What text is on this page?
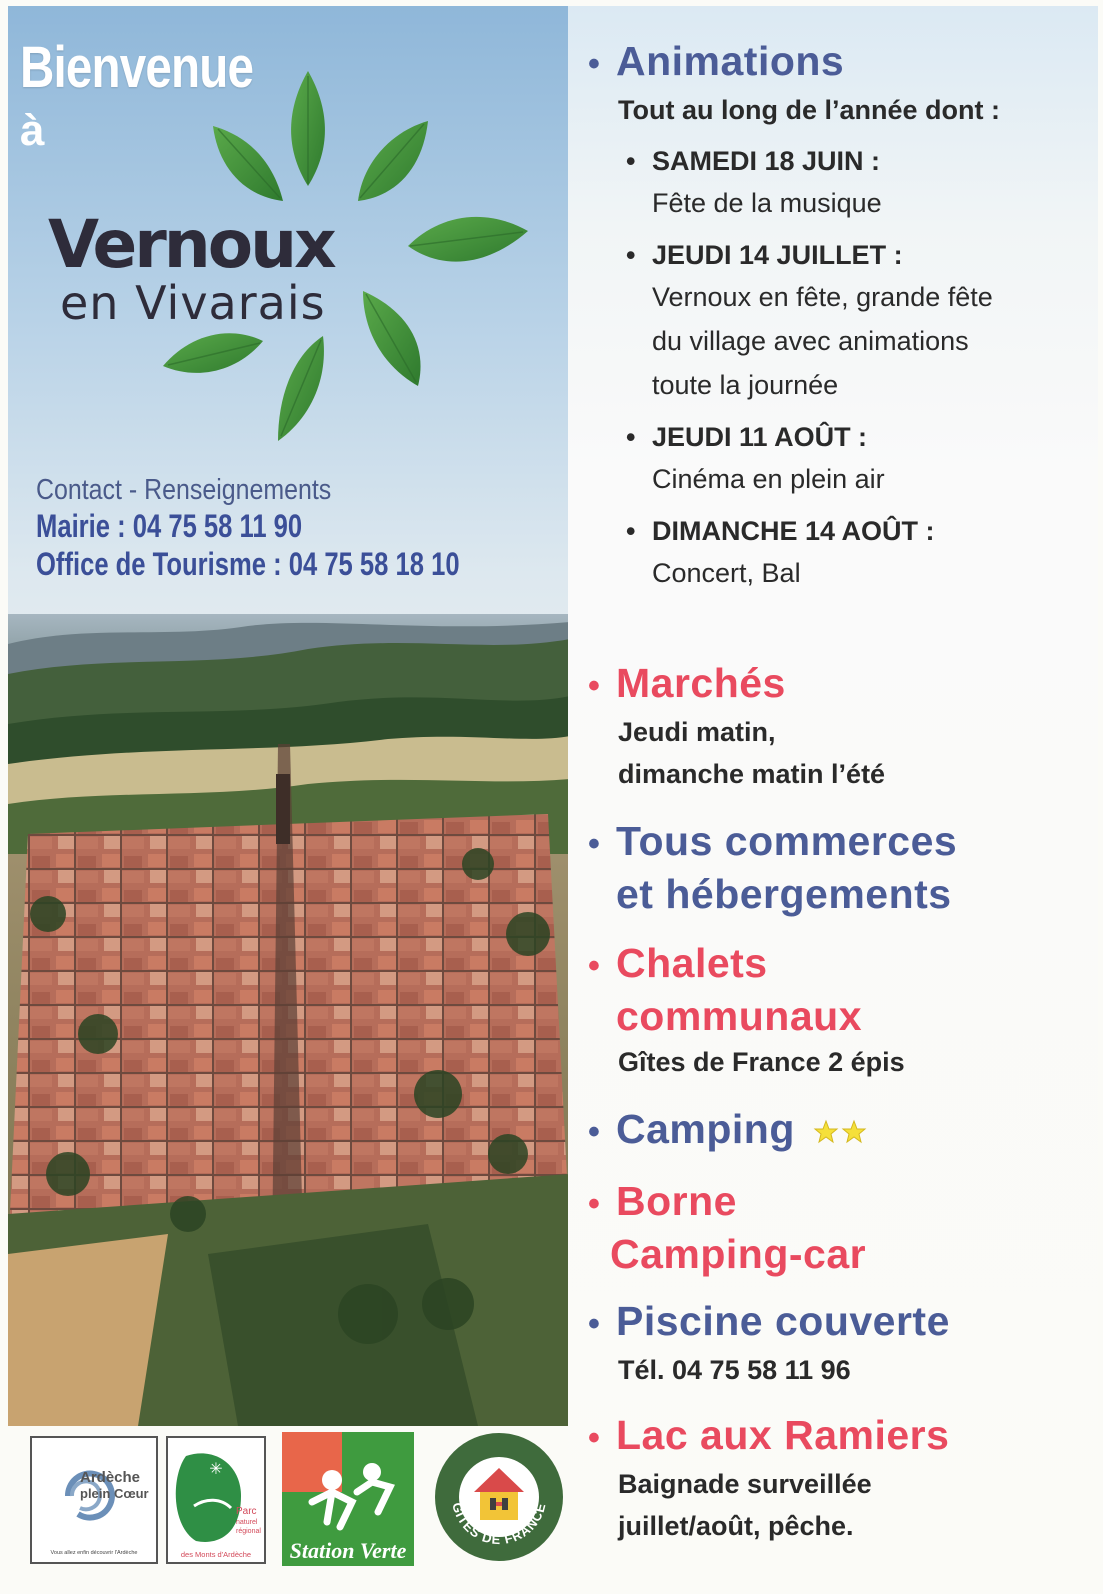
Bienvenue
à
Vernoux
en Vivarais
Contact - Renseignements
Mairie : 04 75 58 11 90
Office de Tourisme : 04 75 58 18 10
Ardèche
plein Cœur
Vous allez enfin découvrir l'Ardèche
✳
Parc
naturel
régional
des Monts d'Ardèche Station Verte
GÎTES DE FRANCE
• Animations
Tout au long de l’année dont :
• SAMEDI 18 JUIN :
Fête de la musique
• JEUDI 14 JUILLET :
Vernoux en fête, grande fête
du village avec animations
toute la journée
• JEUDI 11 AOÛT :
Cinéma en plein air
• DIMANCHE 14 AOÛT :
Concert, Bal
• Marchés
Jeudi matin,
dimanche matin l’été
• Tous commerces
et hébergements
• Chalets
communaux
Gîtes de France 2 épis
• Camping
• Borne
Camping-car
• Piscine couverte
Tél. 04 75 58 11 96
• Lac aux Ramiers
Baignade surveillée
juillet/août, pêche.
